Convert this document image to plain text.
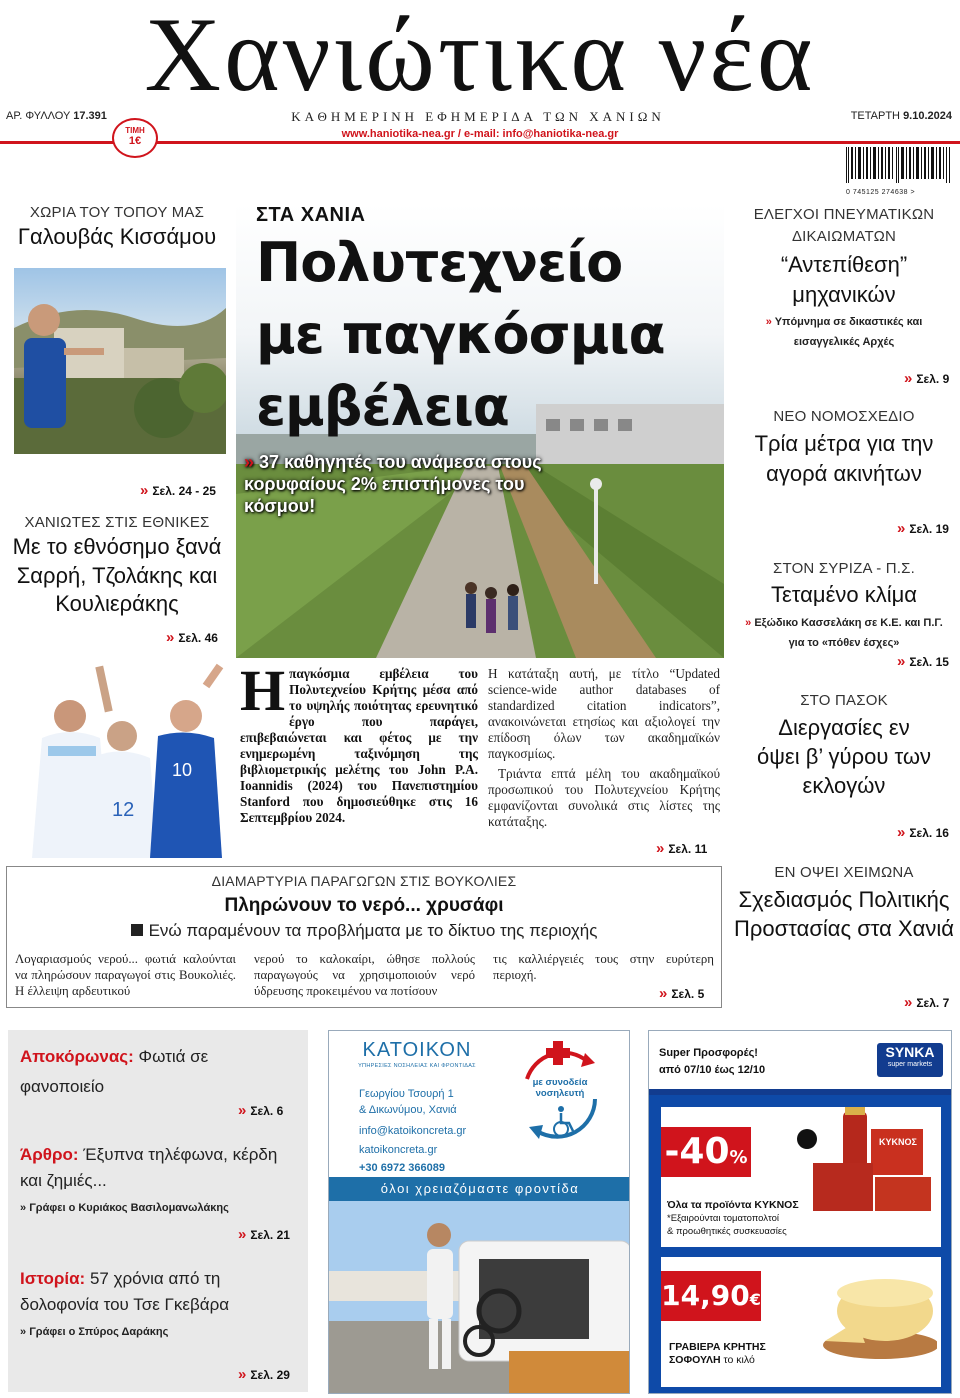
Χανιώτικα νέα
ΑΡ. ΦΥΛΛΟΥ 17.391	ΚΑΘΗΜΕΡΙΝΗ ΕΦΗΜΕΡΙΔΑ ΤΩΝ ΧΑΝΙΩΝ	ΤΕΤΑΡΤΗ 9.10.2024
ΤΙΜΗ
1€
www.haniotika-nea.gr / e-mail: info@haniotika-nea.gr
0 745125 274638 >
ΧΩΡΙΑ ΤΟΥ ΤΟΠΟΥ ΜΑΣ
Γαλουβάς Κισσάμου
» Σελ. 24 - 25
ΧΑΝΙΩΤΕΣ ΣΤΙΣ ΕΘΝΙΚΕΣ
Με το εθνόσημο ξανά Σαρρή, Τζολάκης και Κουλιεράκης
» Σελ. 46
12
10
ΣΤΑ ΧΑΝΙΑ
Πολυτεχνείο με παγκόσμια εμβέλεια
» 37 καθηγητές του ανάμεσα στους κορυφαίους 2% επιστήμονες του κόσμου!
Η παγκόσμια εμβέλεια του Πολυτεχνείου Κρήτης μέσα από το υψηλής ποιότητας ερευνητικό έργο που παράγει, επιβεβαιώνεται και φέτος με την ενημερωμένη ταξινόμηση της βιβλιομετρικής μελέτης του John P.A. Ioannidis (2024) του Πανεπιστημίου Stanford που δημοσιεύθηκε στις 16 Σεπτεμβρίου 2024.

Η κατάταξη αυτή, με τίτλο “Updated science-wide author databases of standardized citation indicators”, ανακοινώνεται ετησίως και αξιολογεί την επίδοση όλων των ακαδημαϊκών παγκοσμίως.

Τριάντα επτά μέλη του ακαδημαϊκού προσωπικού του Πολυτεχνείου Κρήτης εμφανίζονται συνολικά στις λίστες της κατάταξης.

» Σελ. 11
ΕΛΕΓΧΟΙ ΠΝΕΥΜΑΤΙΚΩΝ ΔΙΚΑΙΩΜΑΤΩΝ
“Αντεπίθεση” μηχανικών
» Υπόμνημα σε δικαστικές και εισαγγελικές Αρχές
» Σελ. 9
ΝΕΟ ΝΟΜΟΣΧΕΔΙΟ
Τρία μέτρα για την αγορά ακινήτων
» Σελ. 19
ΣΤΟΝ ΣΥΡΙΖΑ - Π.Σ.
Τεταμένο κλίμα
» Εξώδικο Κασσελάκη σε Κ.Ε. και Π.Γ. για το «πόθεν έσχες»
» Σελ. 15
ΣΤΟ ΠΑΣΟΚ
Διεργασίες εν όψει β’ γύρου των εκλογών
» Σελ. 16
ΕΝ ΟΨΕΙ ΧΕΙΜΩΝΑ
Σχεδιασμός Πολιτικής Προστασίας στα Χανιά
» Σελ. 7
ΔΙΑΜΑΡΤΥΡΙΑ ΠΑΡΑΓΩΓΩΝ ΣΤΙΣ ΒΟΥΚΟΛΙΕΣ
Πληρώνουν το νερό... χρυσάφι
Ενώ παραμένουν τα προβλήματα με το δίκτυο της περιοχής

Λογαριασμούς νερού... φωτιά καλούνται να πληρώσουν παραγωγοί στις Βουκολιές. Η έλλειψη αρδευτικού

νερού το καλοκαίρι, ώθησε πολλούς παραγωγούς να χρησιμοποιούν νερό ύδρευσης προκειμένου να ποτίσουν

τις καλλιέργειές τους στην ευρύτερη περιοχή.

» Σελ. 5
Αποκόρωνας: Φωτιά σε φανοποιείο
» Σελ. 6
Άρθρο: Έξυπνα τηλέφωνα, κέρδη και ζημιές...
» Γράφει ο Κυριάκος Βασιλομανωλάκης
» Σελ. 21
Ιστορία: 57 χρόνια από τη δολοφονία του Τσε Γκεβάρα
» Γράφει ο Σπύρος Δαράκης
» Σελ. 29
ΚΑΤΟΙΚΟΝ
ΥΠΗΡΕΣΙΕΣ ΝΟΣΗΛΕΙΑΣ ΚΑΙ ΦΡΟΝΤΙΔΑΣ
Γεωργίου Τσουρή 1
& Δικωνύμου, Χανιά
info@katoikoncreta.gr
katoikoncreta.gr
+30 6972 366089
με συνοδεία νοσηλευτή
όλοι χρειαζόμαστε φροντίδα
Super Προσφορές!
από 07/10 έως 12/10
SYNKA
super markets
-40%
ΚΥΚΝΟΣ
Όλα τα προϊόντα ΚΥΚΝΟΣ
*Εξαιρούνται τοματοπολτοί
& προωθητικές συσκευασίες
14,90€
ΓΡΑΒΙΕΡΑ ΚΡΗΤΗΣ
ΣΟΦΟΥΛΗ το κιλό
